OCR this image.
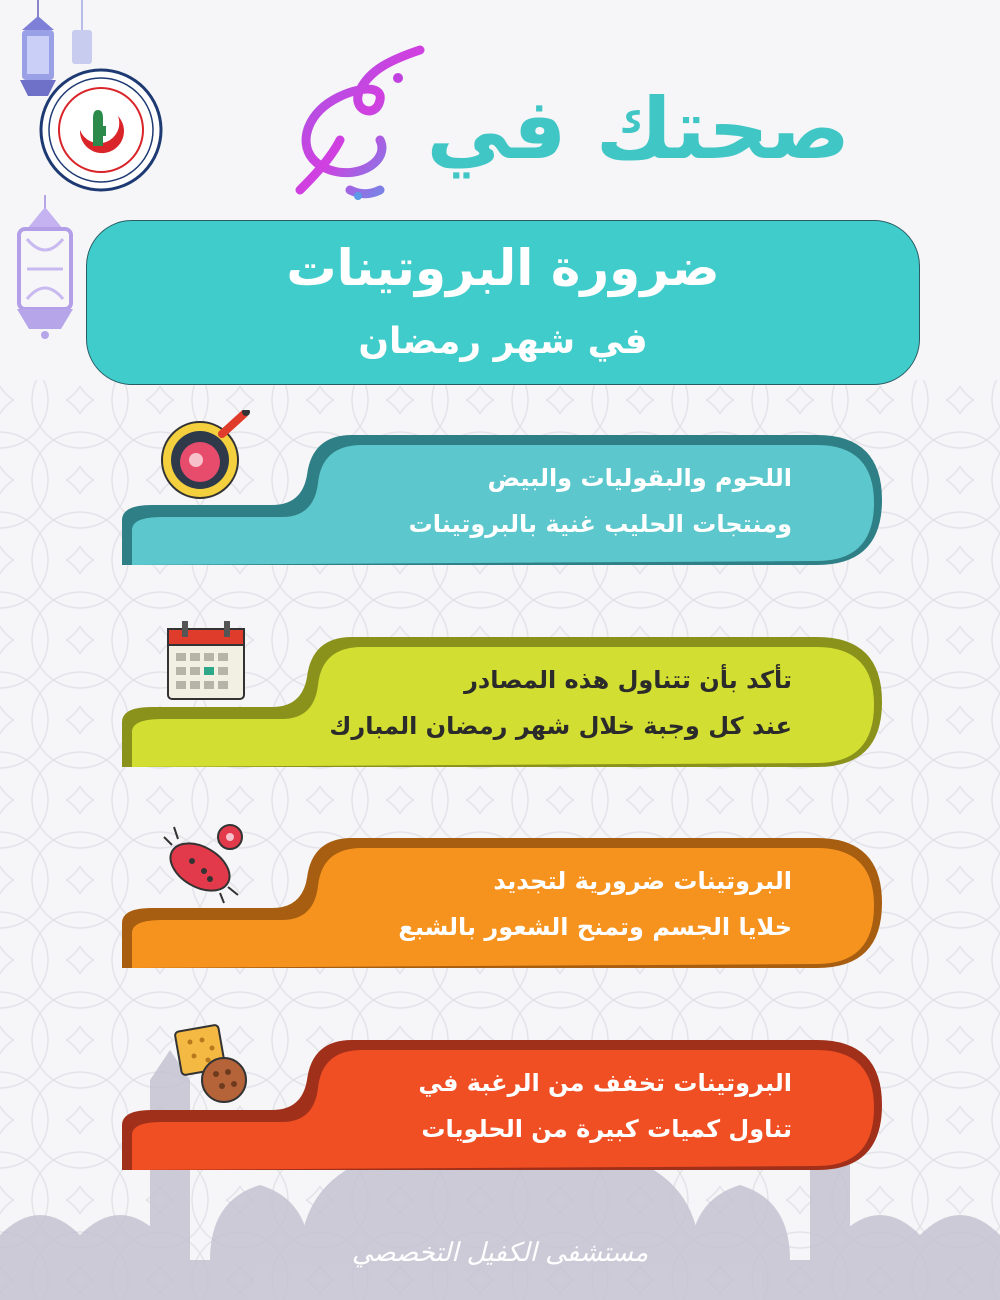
صحتك في
ضرورة البروتينات
في شهر رمضان
اللحوم والبقوليات والبيض
ومنتجات الحليب غنية بالبروتينات
تأكد بأن تتناول هذه المصادر
عند كل وجبة خلال شهر رمضان المبارك
البروتينات ضرورية لتجديد
خلايا الجسم وتمنح الشعور بالشبع
البروتينات تخفف من الرغبة في
تناول كميات كبيرة من الحلويات
مستشفى الكفيل التخصصي
